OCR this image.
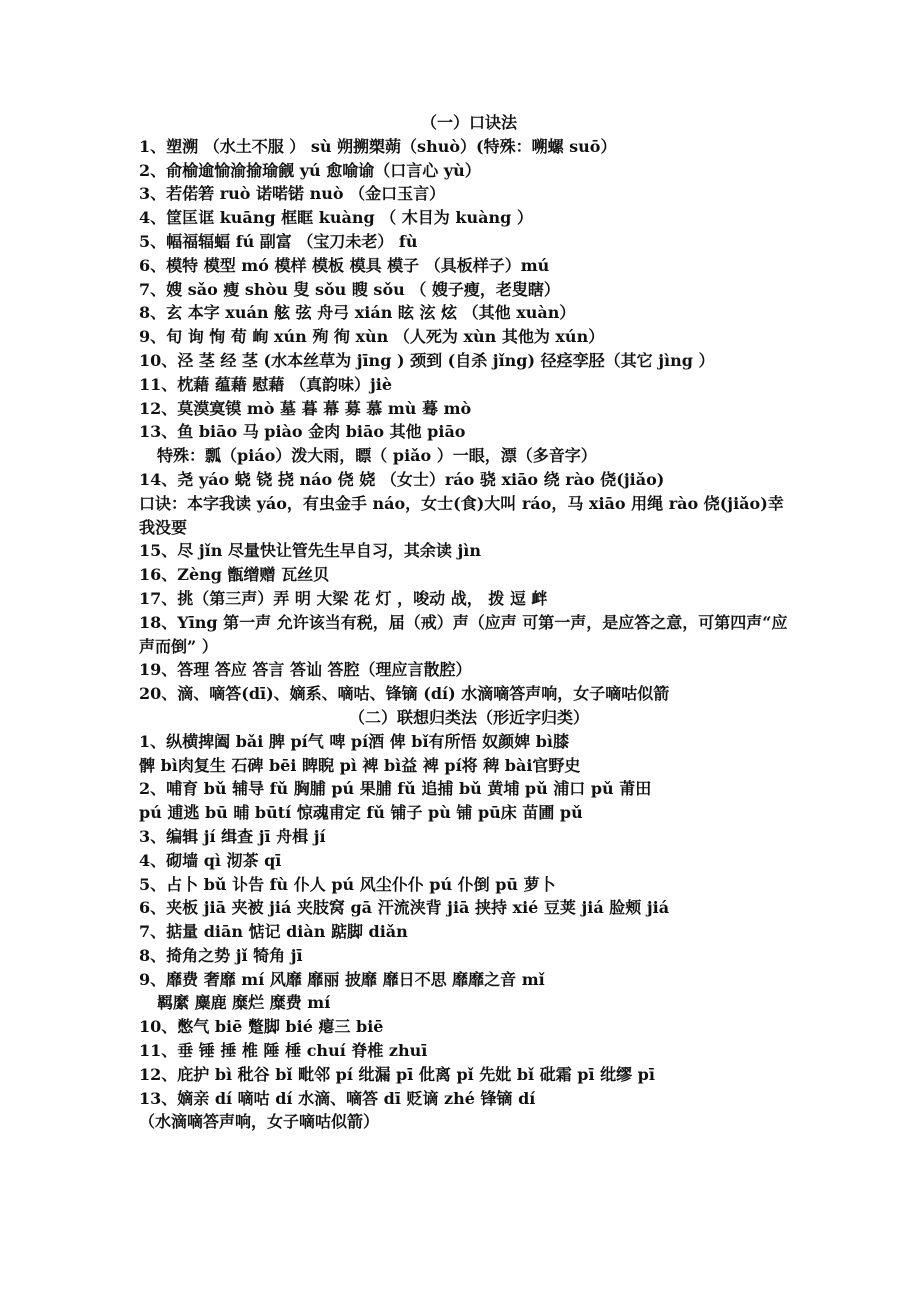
（一）口诀法
1、塑溯 （水土不服 ） sù 朔搠槊蒴（shuò）(特殊：嗍螺 suō）
2、俞榆逾愉渝揄瑜觎 yú 愈喻谕（口言心 yù）
3、若偌箬 ruò 诺喏锘 nuò （金口玉言）
4、筐匡诓 kuāng 框眶 kuàng （ 木目为 kuàng ）
5、幅福辐蝠 fú 副富 （宝刀未老） fù
6、模特 模型 mó 模样 模板 模具 模子 （具板样子）mú
7、嫂 sǎo 瘦 shòu 叟 sǒu 瞍 sǒu （ 嫂子瘦，老叟瞎）
8、玄 本字 xuán 舷 弦 舟弓 xián 眩 泫 炫 （其他 xuàn）
9、旬 询 恂 荀 峋 xún 殉 徇 xùn （人死为 xùn 其他为 xún）
10、泾 茎 经 茎 (水本丝草为 jīng ) 颈到 (自杀 jǐng) 径痉孪胫（其它 jìng ）
11、枕藉 蕴藉 慰藉 （真韵味）jiè
12、莫漠寞镆 mò 墓 暮 幕 募 慕 mù 蓦 mò
13、鱼 biāo 马 piào 金肉 biāo 其他 piāo
特殊：瓢（piáo）泼大雨，瞟（ piǎo ）一眼，漂（多音字）
14、尧 yáo 蛲 铙 挠 náo 侥 娆 （女士）ráo 骁 xiāo 绕 rào 侥(jiǎo)
口诀：本字我读 yáo，有虫金手 náo，女士(食)大叫 ráo，马 xiāo 用绳 rào 侥(jiǎo)幸我没要
15、尽 jǐn 尽量快让管先生早自习，其余读 jìn
16、Zèng 甑缯赠 瓦丝贝
17、挑（第三声）弄 明 大梁 花 灯 ，唆动 战， 拨 逗 衅
18、Yīng 第一声 允许该当有税，届（戒）声（应声 可第一声，是应答之意，可第四声“应声而倒” ）
19、答理 答应 答言 答讪 答腔（理应言散腔）
20、滴、嘀答(dī)、嫡系、嘀咕、锋镝 (dí) 水滴嘀答声响，女子嘀咕似箭
（二）联想归类法（形近字归类）
1、纵横捭阖 bǎi 脾 pí气 啤 pí酒 俾 bǐ有所悟 奴颜婢 bì膝
髀 bì肉复生 石碑 bēi 睥睨 pì 裨 bì益 裨 pí将 稗 bài官野史
2、哺育 bǔ 辅导 fǔ 胸脯 pú 果脯 fǔ 追捕 bǔ 黄埔 pǔ 浦口 pǔ 莆田
pú 逋逃 bū 晡 būtí 惊魂甫定 fǔ 铺子 pù 铺 pū床 苗圃 pǔ
3、编辑 jí 缉查 jī 舟楫 jí
4、砌墙 qì 沏茶 qī
5、占卜 bǔ 讣告 fù 仆人 pú 风尘仆仆 pú 仆倒 pū 萝卜
6、夹板 jiā 夹被 jiá 夹肢窝 gā 汗流浃背 jiā 挟持 xié 豆荚 jiá 脸颊 jiá
7、掂量 diān 惦记 diàn 踮脚 diǎn
8、掎角之势 jǐ 犄角 jī
9、靡费 奢靡 mí 风靡 靡丽 披靡 靡日不思 靡靡之音 mǐ
羁縻 麋鹿 糜烂 糜费 mí
10、憋气 biē 蹩脚 bié 瘪三 biē
11、垂 锤 捶 椎 陲 棰 chuí 脊椎 zhuī
12、庇护 bì 秕谷 bǐ 毗邻 pí 纰漏 pī 仳离 pǐ 先妣 bǐ 砒霜 pī 纰缪 pī
13、嫡亲 dí 嘀咕 dí 水滴、嘀答 dī 贬谪 zhé 锋镝 dí
（水滴嘀答声响，女子嘀咕似箭）
